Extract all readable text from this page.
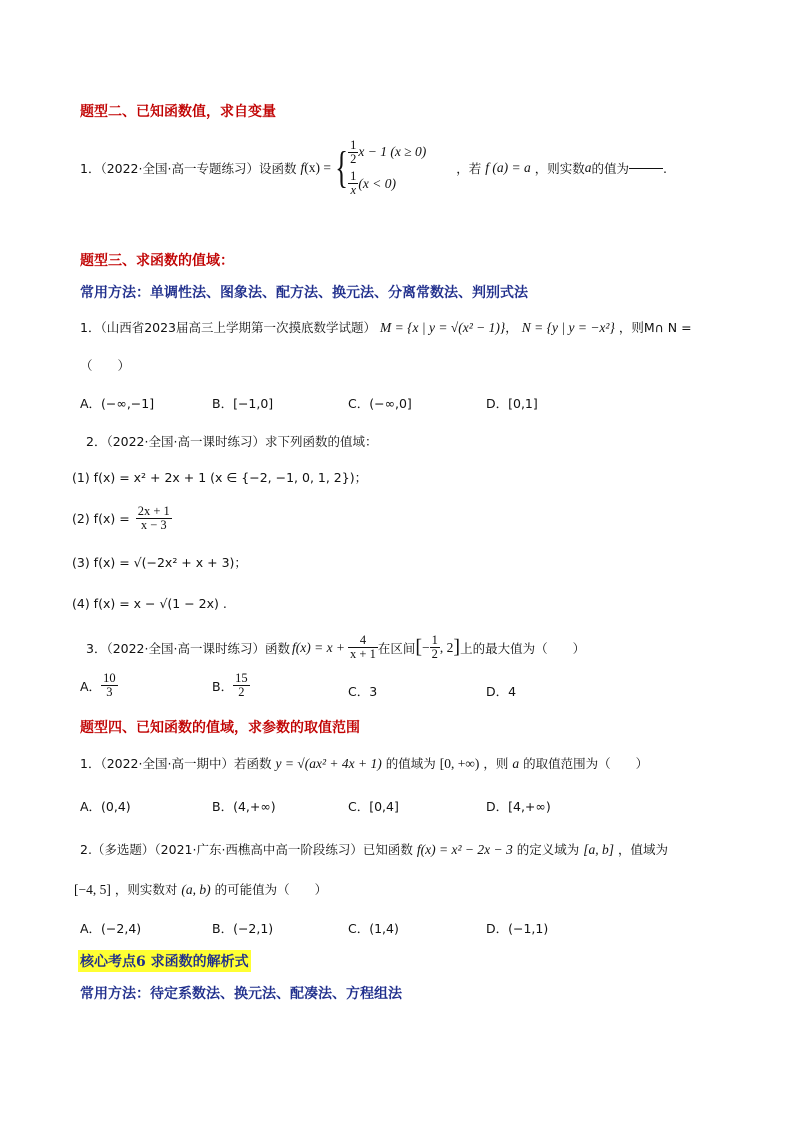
题型二、已知函数值，求自变量
1．（2022·全国·高一专题练习）设函数 f (x) = { $\frac{1}{2}$ x − 1 (x ≥ 0)
$\frac{1}{x} (x < 0)$
，若 f (a) = a ，则实数 a 的值为	.
题型三、求函数的值域：
常用方法：单调性法、图象法、配方法、换元法、分离常数法、判别式法
1．（山西省2023届高三上学期第一次摸底数学试题） M = {x | y = √(x² − 1)}， N = {y | y = −x²} ，则M∩ N =
（　　）
A．(−∞,−1]	B．[−1,0]	C．(−∞,0]	D．[0,1]
2．（2022·全国·高一课时练习）求下列函数的值域：
(1) f(x) = x² + 2x + 1 (x ∈ {−2, −1, 0, 1, 2})；
(2) $f(x) = \frac{2x + 1}{x - 3}$
(3) f(x) = √(−2x² + x + 3)；
(4) f(x) = x − √(1 − 2x) .
3．（2022·全国·高一课时练习）函数 $f(x) = x + \frac{4}{x + 1}$ 在区间 [ − $\frac{1}{2}$ , 2 ] 上的最大值为（　　）
A． $\frac{10}{3}$	B． $\frac{15}{2}$	C．3	D．4
题型四、已知函数的值域，求参数的取值范围
1．（2022·全国·高一期中）若函数 y = √(ax² + 4x + 1) 的值域为 [0, +∞) ，则 a 的取值范围为（　　）
A．(0,4)	B．(4,+∞)	C．[0,4]	D．[4,+∞)
2.（多选题）（2021·广东·西樵高中高一阶段练习）已知函数 f(x) = x² − 2x − 3 的定义域为 [a, b] ，值域为
[−4, 5] ，则实数对 (a, b) 的可能值为（　　）
A．(−2,4)	B．(−2,1)	C．(1,4)	D．(−1,1)
核心考点6 求函数的解析式
常用方法：待定系数法、换元法、配凑法、方程组法
